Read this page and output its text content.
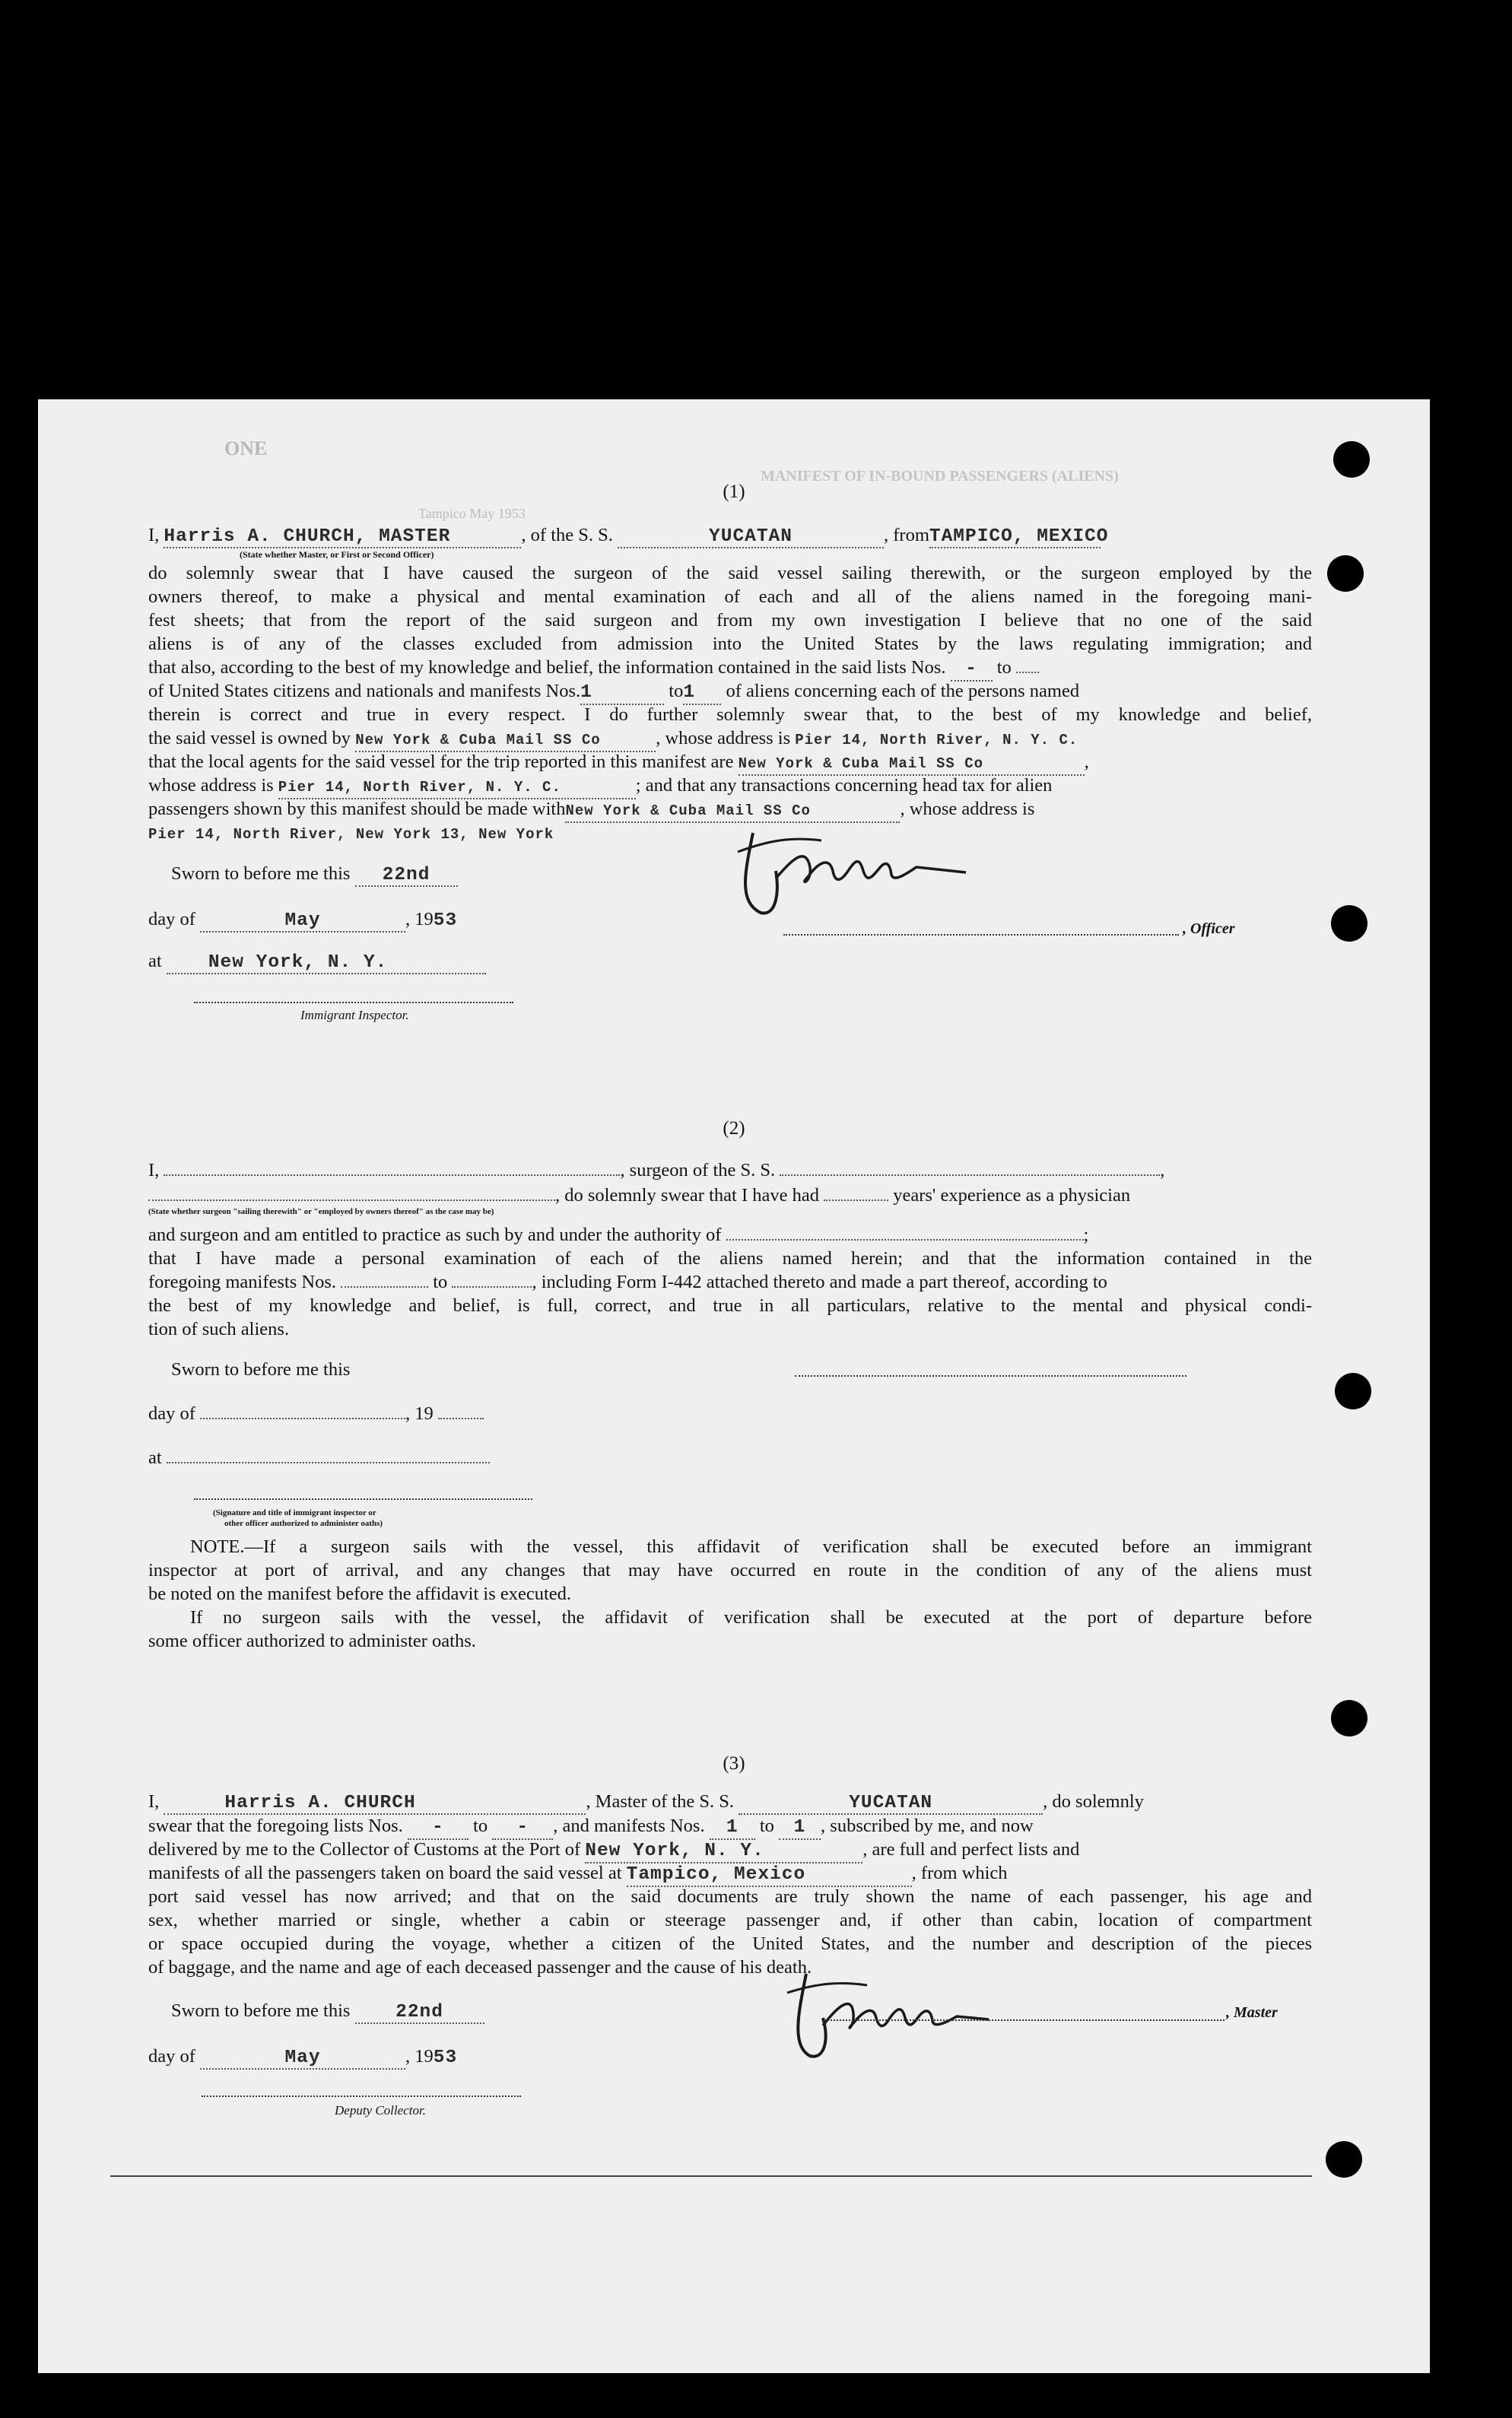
ONE
MANIFEST OF IN-BOUND PASSENGERS (ALIENS)
Tampico May 1953
(1)
I, Harris A. CHURCH, MASTER	, of the S. S.	YUCATAN	, fromTAMPICO, MEXICO
(State whether Master, or First or Second Officer)
do solemnly swear that I have caused the surgeon of the said vessel sailing therewith, or the surgeon employed by the
owners thereof, to make a physical and mental examination of each and all of the aliens named in the foregoing mani-
fest sheets; that from the report of the said surgeon and from my own investigation I believe that no one of the said
aliens is of any of the classes excluded from admission into the United States by the laws regulating immigration; and
that also, according to the best of my knowledge and belief, the information contained in the said lists Nos. - to
of United States citizens and nationals and manifests Nos.1	to1 of aliens concerning each of the persons named
therein is correct and true in every respect. I do further solemnly swear that, to the best of my knowledge and belief,
the said vessel is owned by New York & Cuba Mail SS Co	, whose address is Pier 14, North River, N. Y. C.
that the local agents for the said vessel for the trip reported in this manifest are New York & Cuba Mail SS Co	,
whose address is Pier 14, North River, N. Y. C.	; and that any transactions concerning head tax for alien
passengers shown by this manifest should be made withNew York & Cuba Mail SS Co	, whose address is
Pier 14, North River, New York 13, New York
Sworn to before me this 22nd
day of	May	, 1953
at New York, N. Y.
Immigrant Inspector.
, Officer
(2)
I,	, surgeon of the S. S.	,
, do solemnly swear that I have had	years' experience as a physician
(State whether surgeon "sailing therewith" or "employed by owners thereof" as the case may be)
and surgeon and am entitled to practice as such by and under the authority of	;
that I have made a personal examination of each of the aliens named herein; and that the information contained in the
foregoing manifests Nos.	to	, including Form I-442 attached thereto and made a part thereof, according to
the best of my knowledge and belief, is full, correct, and true in all particulars, relative to the mental and physical condi-
tion of such aliens.
Sworn to before me this
day of	, 19
at
(Signature and title of immigrant inspector or
other officer authorized to administer oaths)
NOTE.—If a surgeon sails with the vessel, this affidavit of verification shall be executed before an immigrant
inspector at port of arrival, and any changes that may have occurred en route in the condition of any of the aliens must
be noted on the manifest before the affidavit is executed.
If no surgeon sails with the vessel, the affidavit of verification shall be executed at the port of departure before
some officer authorized to administer oaths.
(3)
I,	Harris A. CHURCH	, Master of the S. S.	YUCATAN	, do solemnly
swear that the foregoing lists Nos. - to - , and manifests Nos. 1 to 1 , subscribed by me, and now
delivered by me to the Collector of Customs at the Port of New York, N. Y.	, are full and perfect lists and
manifests of all the passengers taken on board the said vessel at Tampico, Mexico	, from which
port said vessel has now arrived; and that on the said documents are truly shown the name of each passenger, his age and
sex, whether married or single, whether a cabin or steerage passenger and, if other than cabin, location of compartment
or space occupied during the voyage, whether a citizen of the United States, and the number and description of the pieces
of baggage, and the name and age of each deceased passenger and the cause of his death.
Sworn to before me this 22nd	, Master
day of	May	, 1953
Deputy Collector.
